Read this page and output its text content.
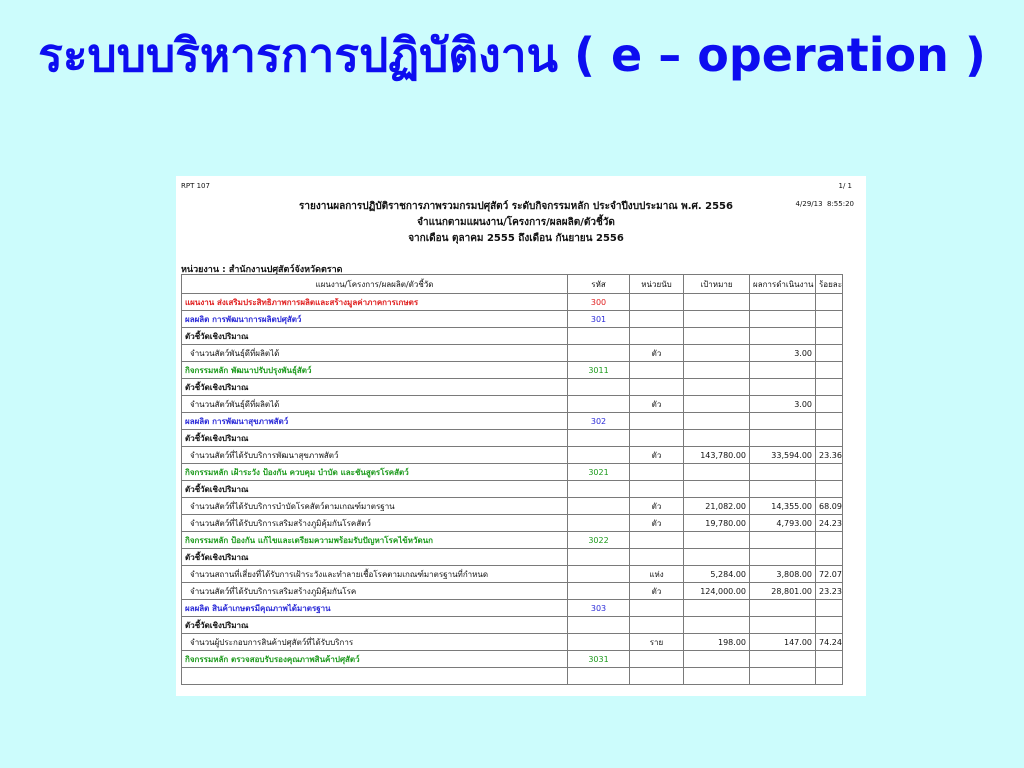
ระบบบริหารการปฏิบัติงาน ( e – operation )
RPT 107	1/ 1
4/29/13 8:55:20
รายงานผลการปฏิบัติราชการภาพรวมกรมปศุสัตว์ ระดับกิจกรรมหลัก ประจำปีงบประมาณ พ.ศ. 2556
จำแนกตามแผนงาน/โครงการ/ผลผลิต/ตัวชี้วัด
จากเดือน ตุลาคม 2555 ถึงเดือน กันยายน 2556
หน่วยงาน : สำนักงานปศุสัตว์จังหวัดตราด
แผนงาน/โครงการ/ผลผลิต/ตัวชี้วัด	รหัส	หน่วยนับ	เป้าหมาย	ผลการดำเนินงาน	ร้อยละ
แผนงาน ส่งเสริมประสิทธิภาพการผลิตและสร้างมูลค่าภาคการเกษตร	300				
ผลผลิต การพัฒนาการผลิตปศุสัตว์	301				
ตัวชี้วัดเชิงปริมาณ					
จำนวนสัตว์พันธุ์ดีที่ผลิตได้		ตัว		3.00	
กิจกรรมหลัก พัฒนาปรับปรุงพันธุ์สัตว์	3011				
ตัวชี้วัดเชิงปริมาณ					
จำนวนสัตว์พันธุ์ดีที่ผลิตได้		ตัว		3.00	
ผลผลิต การพัฒนาสุขภาพสัตว์	302				
ตัวชี้วัดเชิงปริมาณ					
จำนวนสัตว์ที่ได้รับบริการพัฒนาสุขภาพสัตว์		ตัว	143,780.00	33,594.00	23.36
กิจกรรมหลัก เฝ้าระวัง ป้องกัน ควบคุม บำบัด และชันสูตรโรคสัตว์	3021				
ตัวชี้วัดเชิงปริมาณ					
จำนวนสัตว์ที่ได้รับบริการบำบัดโรคสัตว์ตามเกณฑ์มาตรฐาน		ตัว	21,082.00	14,355.00	68.09
จำนวนสัตว์ที่ได้รับบริการเสริมสร้างภูมิคุ้มกันโรคสัตว์		ตัว	19,780.00	4,793.00	24.23
กิจกรรมหลัก ป้องกัน แก้ไขและเตรียมความพร้อมรับปัญหาโรคไข้หวัดนก	3022				
ตัวชี้วัดเชิงปริมาณ					
จำนวนสถานที่เสี่ยงที่ได้รับการเฝ้าระวังและทำลายเชื้อโรคตามเกณฑ์มาตรฐานที่กำหนด		แห่ง	5,284.00	3,808.00	72.07
จำนวนสัตว์ที่ได้รับบริการเสริมสร้างภูมิคุ้มกันโรค		ตัว	124,000.00	28,801.00	23.23
ผลผลิต สินค้าเกษตรมีคุณภาพได้มาตรฐาน	303				
ตัวชี้วัดเชิงปริมาณ					
จำนวนผู้ประกอบการสินค้าปศุสัตว์ที่ได้รับบริการ		ราย	198.00	147.00	74.24
กิจกรรมหลัก ตรวจสอบรับรองคุณภาพสินค้าปศุสัตว์	3031				
